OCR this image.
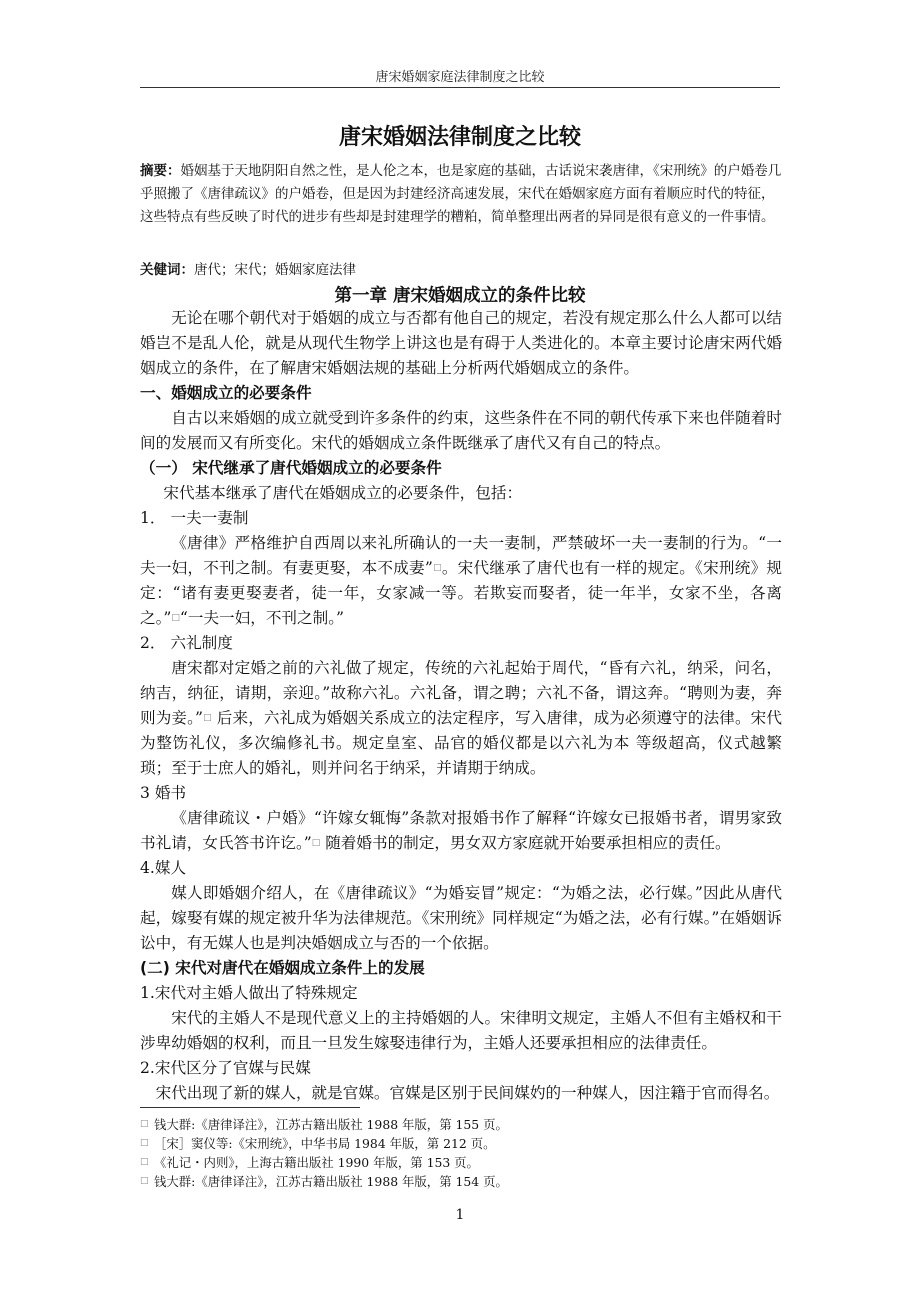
唐宋婚姻家庭法律制度之比较
唐宋婚姻法律制度之比较
摘要：婚姻基于天地阴阳自然之性，是人伦之本，也是家庭的基础，古话说宋袭唐律，《宋刑统》的户婚卷几乎照搬了《唐律疏议》的户婚卷，但是因为封建经济高速发展，宋代在婚姻家庭方面有着顺应时代的特征，这些特点有些反映了时代的进步有些却是封建理学的糟粕，简单整理出两者的异同是很有意义的一件事情。
关健词：唐代；宋代；婚姻家庭法律
第一章 唐宋婚姻成立的条件比较

无论在哪个朝代对于婚姻的成立与否都有他自己的规定，若没有规定那么什么人都可以结婚岂不是乱人伦，就是从现代生物学上讲这也是有碍于人类进化的。本章主要讨论唐宋两代婚姻成立的条件，在了解唐宋婚姻法规的基础上分析两代婚姻成立的条件。

一、婚姻成立的必要条件

自古以来婚姻的成立就受到许多条件的约束，这些条件在不同的朝代传承下来也伴随着时间的发展而又有所变化。宋代的婚姻成立条件既继承了唐代又有自己的特点。

（一） 宋代继承了唐代婚姻成立的必要条件

宋代基本继承了唐代在婚姻成立的必要条件，包括：

1． 一夫一妻制

《唐律》严格维护自西周以来礼所确认的一夫一妻制，严禁破坏一夫一妻制的行为。“一夫一妇，不刊之制。有妻更娶，本不成妻”□。宋代继承了唐代也有一样的规定。《宋刑统》规定：“诸有妻更娶妻者，徒一年，女家减一等。若欺妄而娶者，徒一年半，女家不坐，各离之。”□“一夫一妇，不刊之制。”

2． 六礼制度

唐宋都对定婚之前的六礼做了规定，传统的六礼起始于周代，“昏有六礼，纳采，问名，纳吉，纳征，请期，亲迎。”故称六礼。六礼备，谓之聘；六礼不备，谓这奔。“聘则为妻，奔则为妾。”□ 后来，六礼成为婚姻关系成立的法定程序，写入唐律，成为必须遵守的法律。宋代为整饬礼仪，多次编修礼书。规定皇室、品官的婚仪都是以六礼为本 等级超高，仪式越繁琐；至于士庶人的婚礼，则并问名于纳采，并请期于纳成。

3 婚书

《唐律疏议・户婚》“许嫁女辄悔”条款对报婚书作了解释“许嫁女已报婚书者，谓男家致书礼请，女氏答书许讫。”□ 随着婚书的制定，男女双方家庭就开始要承担相应的责任。

4.媒人

媒人即婚姻介绍人，在《唐律疏议》“为婚妄冒”规定：“为婚之法，必行媒。”因此从唐代起，嫁娶有媒的规定被升华为法律规范。《宋刑统》同样规定“为婚之法，必有行媒。”在婚姻诉讼中，有无媒人也是判决婚姻成立与否的一个依据。

(二) 宋代对唐代在婚姻成立条件上的发展

1.宋代对主婚人做出了特殊规定

宋代的主婚人不是现代意义上的主持婚姻的人。宋律明文规定，主婚人不但有主婚权和干涉卑幼婚姻的权利，而且一旦发生嫁娶违律行为，主婚人还要承担相应的法律责任。

2.宋代区分了官媒与民媒

宋代出现了新的媒人，就是官媒。官媒是区别于民间媒妁的一种媒人，因注籍于官而得名。

□ 钱大群:《唐律译注》，江苏古籍出版社 1988 年版，第 155 页。
□ ［宋］窦仪等:《宋刑统》，中华书局 1984 年版，第 212 页。
□ 《礼记・内则》，上海古籍出版社 1990 年版，第 153 页。
□ 钱大群:《唐律译注》，江苏古籍出版社 1988 年版，第 154 页。
1
